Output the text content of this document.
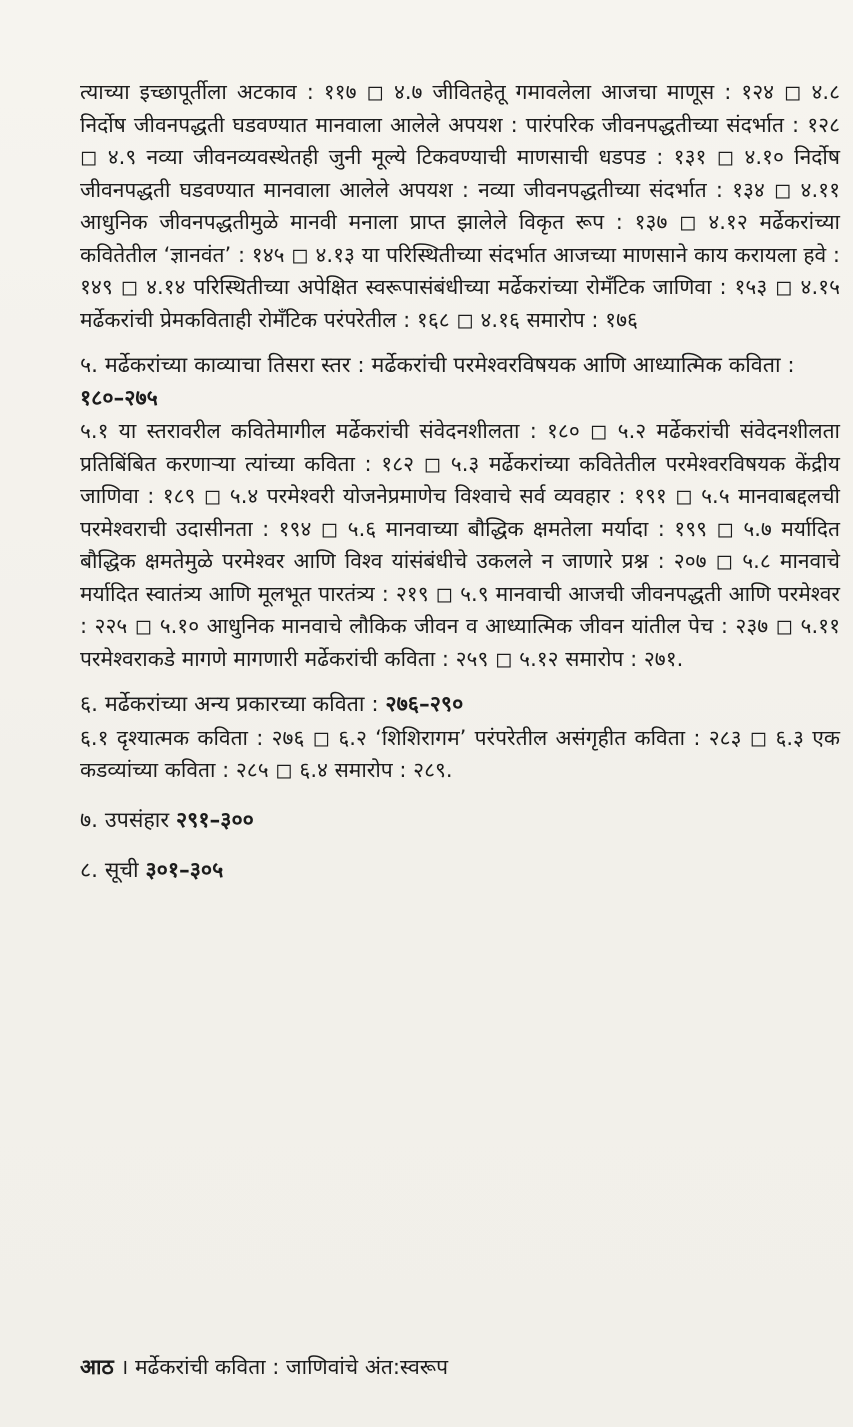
त्याच्या इच्छापूर्तीला अटकाव : ११७ ◻ ४.७ जीवितहेतू गमावलेला आजचा माणूस : १२४ ◻ ४.८ निर्दोष जीवनपद्धती घडवण्यात मानवाला आलेले अपयश : पारंपरिक जीवनपद्धतीच्या संदर्भात : १२८ ◻ ४.९ नव्या जीवनव्यवस्थेतही जुनी मूल्ये टिकवण्याची माणसाची धडपड : १३१ ◻ ४.१० निर्दोष जीवनपद्धती घडवण्यात मानवाला आलेले अपयश : नव्या जीवनपद्धतीच्या संदर्भात : १३४ ◻ ४.११ आधुनिक जीवनपद्धतीमुळे मानवी मनाला प्राप्त झालेले विकृत रूप : १३७ ◻ ४.१२ मर्ढेकरांच्या कवितेतील ‘ज्ञानवंत’ : १४५ ◻ ४.१३ या परिस्थितीच्या संदर्भात आजच्या माणसाने काय करायला हवे : १४९ ◻ ४.१४ परिस्थितीच्या अपेक्षित स्वरूपासंबंधीच्या मर्ढेकरांच्या रोमँटिक जाणिवा : १५३ ◻ ४.१५ मर्ढेकरांची प्रेमकविताही रोमँटिक परंपरेतील : १६८ ◻ ४.१६ समारोप : १७६

५. मर्ढेकरांच्या काव्याचा तिसरा स्तर : मर्ढेकरांची परमेश्वरविषयक आणि आध्यात्मिक कविता : १८०–२७५

५.१ या स्तरावरील कवितेमागील मर्ढेकरांची संवेदनशीलता : १८० ◻ ५.२ मर्ढेकरांची संवेदनशीलता प्रतिबिंबित करणाऱ्या त्यांच्या कविता : १८२ ◻ ५.३ मर्ढेकरांच्या कवितेतील परमेश्वरविषयक केंद्रीय जाणिवा : १८९ ◻ ५.४ परमेश्वरी योजनेप्रमाणेच विश्वाचे सर्व व्यवहार : १९१ ◻ ५.५ मानवाबद्दलची परमेश्वराची उदासीनता : १९४ ◻ ५.६ मानवाच्या बौद्धिक क्षमतेला मर्यादा : १९९ ◻ ५.७ मर्यादित बौद्धिक क्षमतेमुळे परमेश्वर आणि विश्व यांसंबंधीचे उकलले न जाणारे प्रश्न : २०७ ◻ ५.८ मानवाचे मर्यादित स्वातंत्र्य आणि मूलभूत पारतंत्र्य : २१९ ◻ ५.९ मानवाची आजची जीवनपद्धती आणि परमेश्वर : २२५ ◻ ५.१० आधुनिक मानवाचे लौकिक जीवन व आध्यात्मिक जीवन यांतील पेच : २३७ ◻ ५.११ परमेश्वराकडे मागणे मागणारी मर्ढेकरांची कविता : २५९ ◻ ५.१२ समारोप : २७१.

६. मर्ढेकरांच्या अन्य प्रकारच्या कविता : २७६–२९०

६.१ दृश्यात्मक कविता : २७६ ◻ ६.२ ‘शिशिरागम’ परंपरेतील असंगृहीत कविता : २८३ ◻ ६.३ एक कडव्यांच्या कविता : २८५ ◻ ६.४ समारोप : २८९.

७. उपसंहार २९१–३००

८. सूची ३०१–३०५

आठ । मर्ढेकरांची कविता : जाणिवांचे अंत:स्वरूप
